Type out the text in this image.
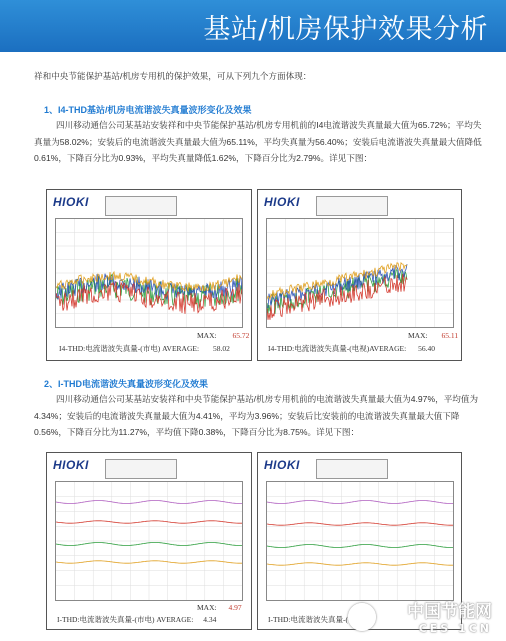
基站/机房保护效果分析
祥和中央节能保护基站/机房专用机的保护效果，可从下列九个方面体现：
1、I4-THD基站/机房电流谐波失真量波形变化及效果
四川移动通信公司某基站安装祥和中央节能保护基站/机房专用机前的I4电流谐波失真量最大值为65.72%；平均失真量为58.02%；安装后的电流谐波失真量最大值为65.11%，平均失真量为56.40%；安装后电流谐波失真量最大值降低0.61%，下降百分比为0.93%，平均失真量降低1.62%，下降百分比为2.79%。详见下图：
HIOKI
MAX: 65.72
I4-THD:电流谐波失真量-(市电) AVERAGE: 58.02
HIOKI
MAX: 65.11
I4-THD:电流谐波失真量-(电视)AVERAGE: 56.40
2、I-THD电流谐波失真量波形变化及效果
四川移动通信公司某基站安装祥和中央节能保护基站/机房专用机前的电流谐波失真量最大值为4.97%，平均值为4.34%；安装后的电流谐波失真量最大值为4.41%，平均为3.96%；安装后比安装前的电流谐波失真量最大值下降0.56%，下降百分比为11.27%，平均值下降0.38%，下降百分比为8.75%。详见下图：
HIOKI
MAX: 4.97
I-THD:电流谐波失真量-(市电) AVERAGE: 4.34
HIOKI
I-THD:电流谐波失真量-(	中国节能网
CES 1CN
